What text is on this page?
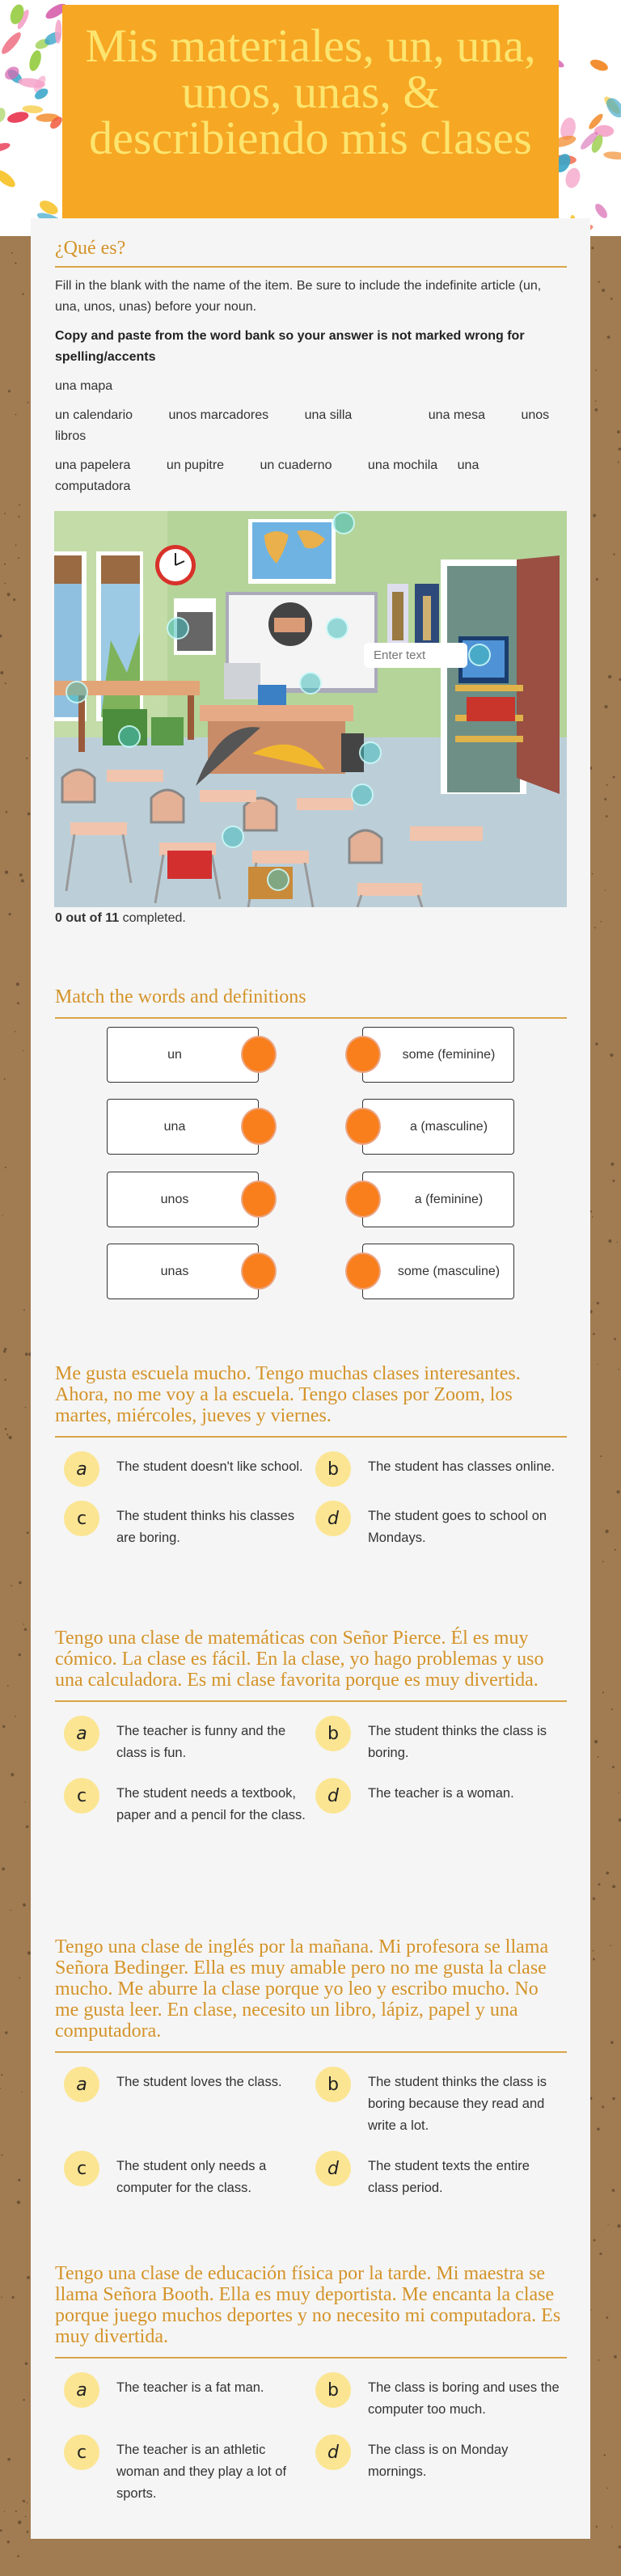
Mis materiales, un, una, unos, unas, & describiendo mis clases
¿Qué es?

Fill in the blank with the name of the item. Be sure to include the indefinite article (un, una, unos, unas) before your noun.

Copy and paste from the word bank so your answer is not marked wrong for spelling/accents

una mapa

un calendario	unos marcadores	una silla	una mesa	unos libros

una papelera	un pupitre	un cuaderno	una mochila una computadora

Enter text
0 out of 11 completed.
Match the words and definitions
un	some (feminine)
una	a (masculine)
unos	a (feminine)
unas	some (masculine)
Me gusta escuela mucho. Tengo muchas clases interesantes. Ahora, no me voy a la escuela. Tengo clases por Zoom, los martes, miércoles, jueves y viernes.
a The student doesn't like school.	b The student has classes online.
c The student thinks his classes are boring.
d The student goes to school on Mondays.
Tengo una clase de matemáticas con Señor Pierce. Él es muy cómico. La clase es fácil. En la clase, yo hago problemas y uso una calculadora. Es mi clase favorita porque es muy divertida.
a The teacher is funny and the class is fun.
b The student thinks the class is boring.
c The student needs a textbook, paper and a pencil for the class.
d The teacher is a woman.
Tengo una clase de inglés por la mañana. Mi profesora se llama Señora Bedinger. Ella es muy amable pero no me gusta la clase mucho. Me aburre la clase porque yo leo y escribo mucho. No me gusta leer. En clase, necesito un libro, lápiz, papel y una computadora.
a The student loves the class.	b The student thinks the class is boring because they read and write a lot.
c The student only needs a computer for the class.
d The student texts the entire class period.
Tengo una clase de educación física por la tarde. Mi maestra se llama Señora Booth. Ella es muy deportista. Me encanta la clase porque juego muchos deportes y no necesito mi computadora. Es muy divertida.
a The teacher is a fat man.	b The class is boring and uses the computer too much.
c The teacher is an athletic woman and they play a lot of sports.
d The class is on Monday mornings.
